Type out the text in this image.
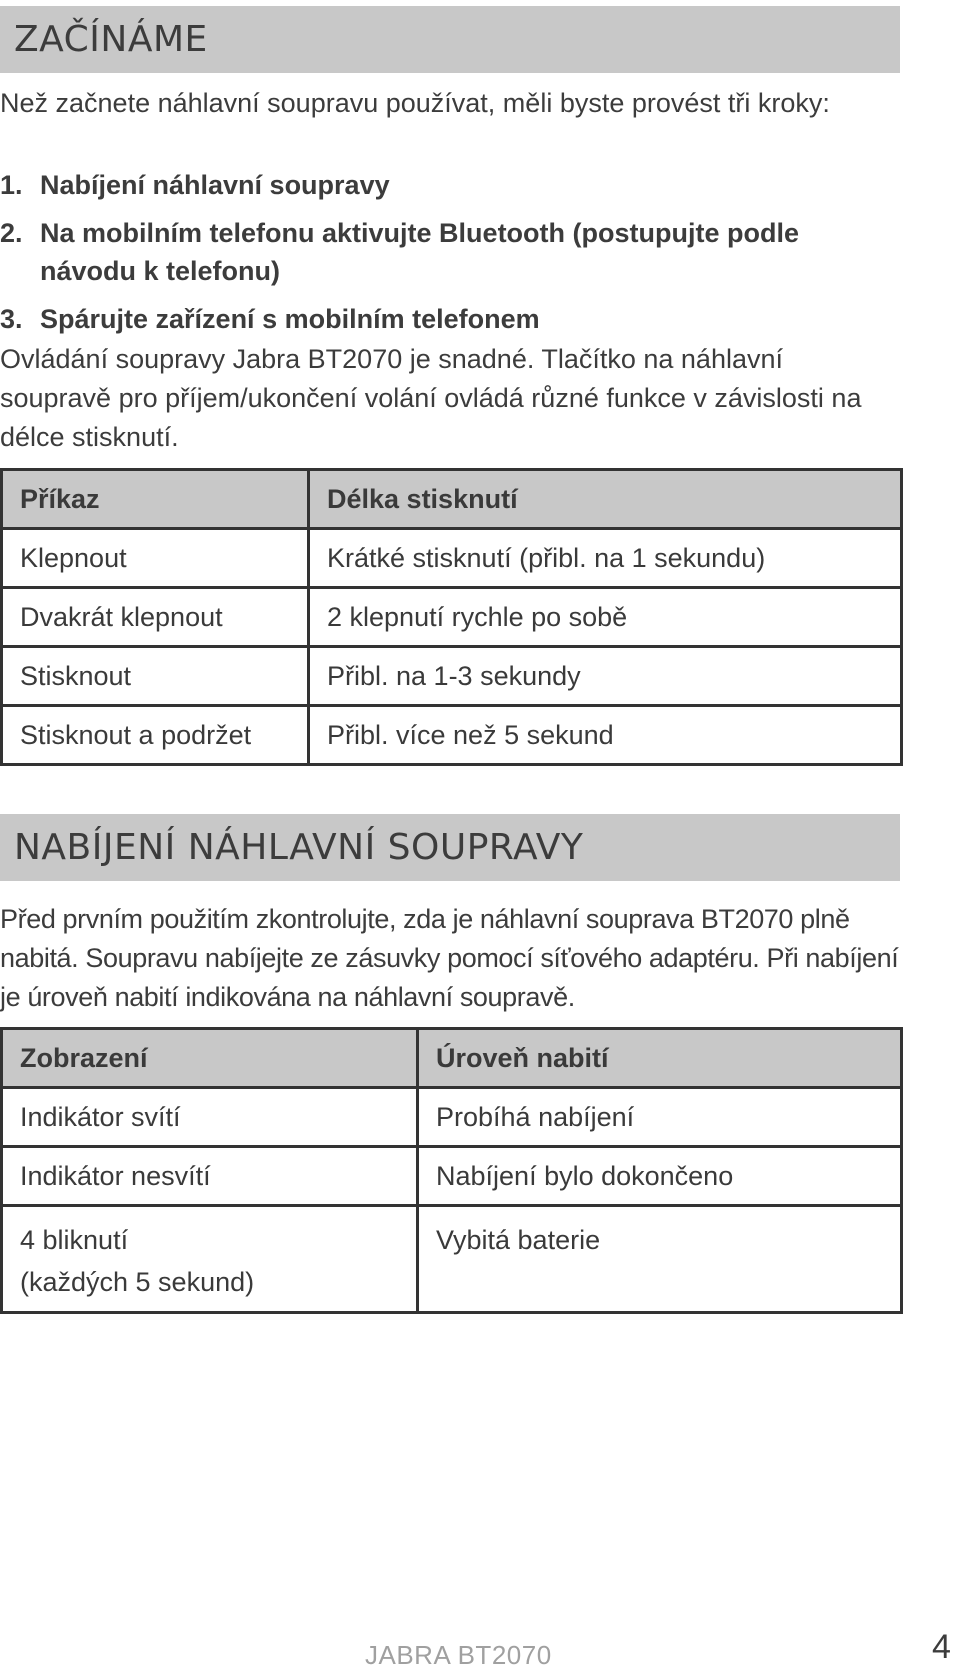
ZAČÍNÁME

Než začnete náhlavní soupravu používat, měli byste provést tři kroky:

1. Nabíjení náhlavní soupravy
2. Na mobilním telefonu aktivujte Bluetooth (postupujte podle návodu k telefonu)
3. Spárujte zařízení s mobilním telefonem

Ovládání soupravy Jabra BT2070 je snadné. Tlačítko na náhlavní soupravě pro příjem/ukončení volání ovládá různé funkce v závislosti na délce stisknutí.

Příkaz	Délka stisknutí
Klepnout	Krátké stisknutí (přibl. na 1 sekundu)
Dvakrát klepnout	2 klepnutí rychle po sobě
Stisknout	Přibl. na 1-3 sekundy
Stisknout a podržet	Přibl. více než 5 sekund
NABÍJENÍ NÁHLAVNÍ SOUPRAVY

Před prvním použitím zkontrolujte, zda je náhlavní souprava BT2070 plně nabitá. Soupravu nabíjejte ze zásuvky pomocí síťového adaptéru. Při nabíjení je úroveň nabití indikována na náhlavní soupravě.

Zobrazení	Úroveň nabití
Indikátor svítí	Probíhá nabíjení
Indikátor nesvítí	Nabíjení bylo dokončeno

4 bliknutí
(každých 5 sekund)	Vybitá baterie
JABRA BT2070	4
